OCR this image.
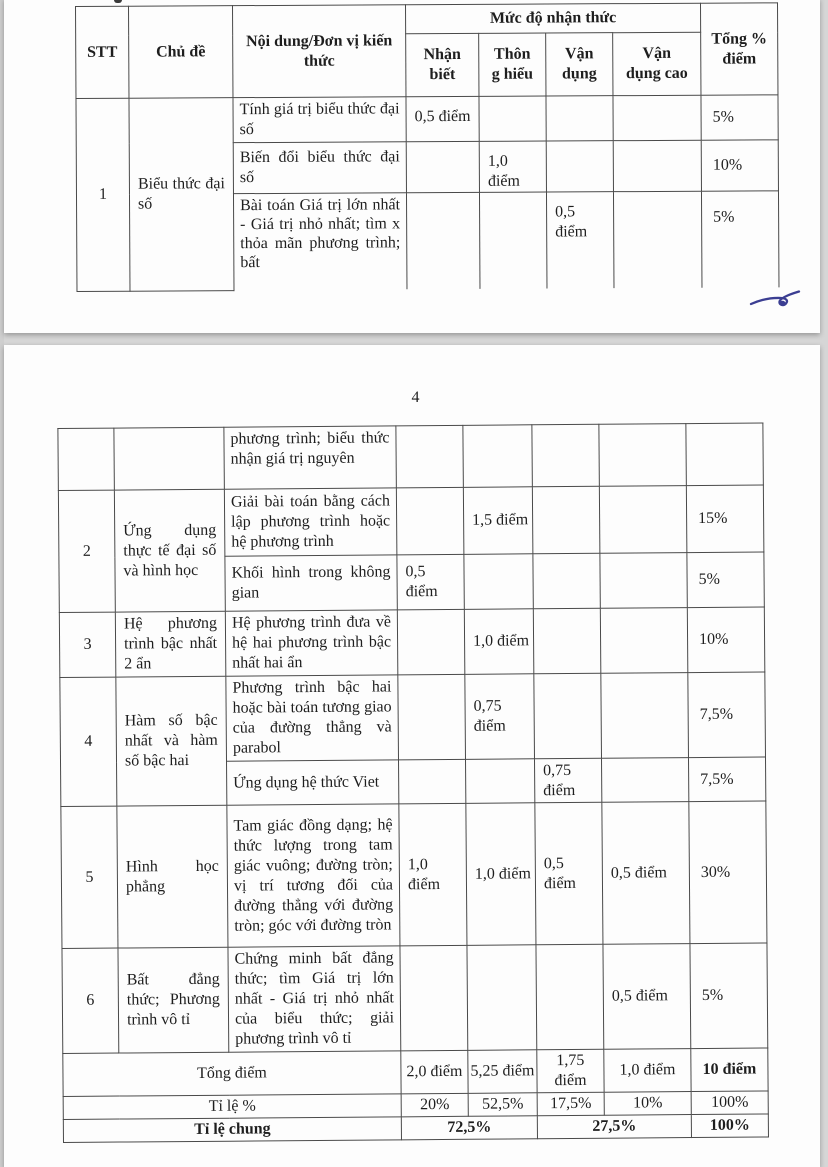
STT	Chủ đề	Nội dung/Đơn vị kiến thức	Mức độ nhận thức				Tổng % điểm
			Nhận biết	Thông hiểu	Vận dụng	Vận dụng cao	
1	Biểu thức đại số	Tính giá trị biểu thức đại số	0,5 điểm				5%
		Biến đổi biểu thức đại số		1,0 điểm			10%
		Bài toán Giá trị lớn nhất - Giá trị nhỏ nhất; tìm x thỏa mãn phương trình; bất			0,5 điểm		5%
4
		phương trình; biểu thức nhận giá trị nguyên					
2	Ứng dụng thực tế đại số và hình học	Giải bài toán bằng cách lập phương trình hoặc hệ phương trình		1,5 điểm			15%
		Khối hình trong không gian	0,5 điểm				5%
3	Hệ phương trình bậc nhất 2 ẩn	Hệ phương trình đưa về hệ hai phương trình bậc nhất hai ẩn		1,0 điểm			10%
4	Hàm số bậc nhất và hàm số bậc hai	Phương trình bậc hai hoặc bài toán tương giao của đường thẳng và parabol		0,75 điểm			7,5%
		Ứng dụng hệ thức Viet			0,75 điểm		7,5%
5	Hình học phẳng	Tam giác đồng dạng; hệ thức lượng trong tam giác vuông; đường tròn; vị trí tương đối của đường thẳng với đường tròn; góc với đường tròn	1,0 điểm	1,0 điểm	0,5 điểm	0,5 điểm	30%
6	Bất đẳng thức; Phương trình vô tỉ	Chứng minh bất đẳng thức; tìm Giá trị lớn nhất - Giá trị nhỏ nhất của biểu thức; giải phương trình vô tỉ				0,5 điểm	5%
Tổng điểm			2,0 điểm	5,25 điểm	1,75 điểm	1,0 điểm	10 điểm
Tỉ lệ %			20%	52,5%	17,5%	10%	100%
Tỉ lệ chung			72,5%		27,5%		100%
